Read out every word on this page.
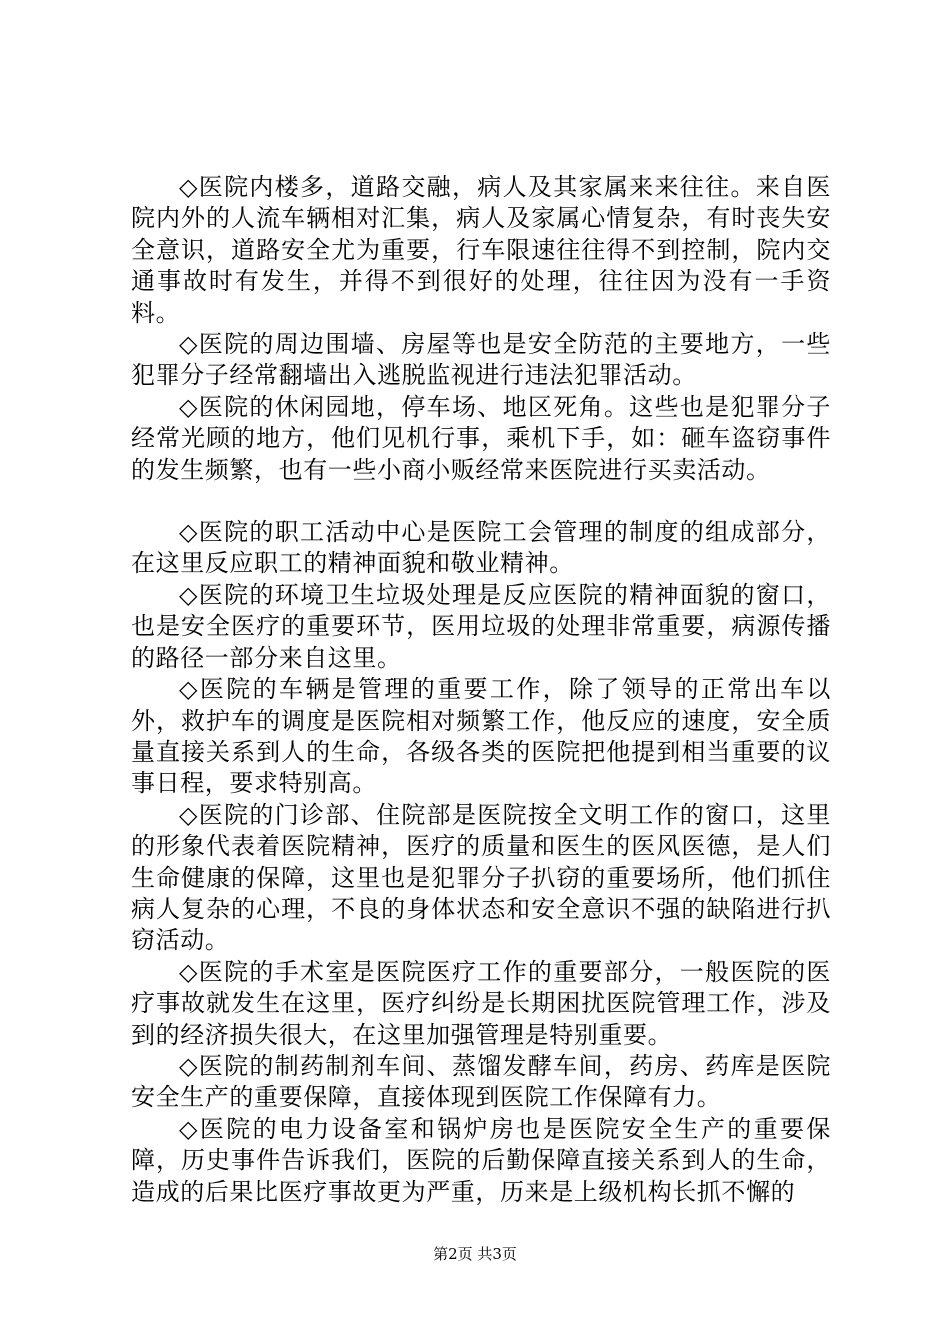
◇医院内楼多，道路交融，病人及其家属来来往往。来自医院内外的人流车辆相对汇集，病人及家属心情复杂，有时丧失安全意识，道路安全尤为重要，行车限速往往得不到控制，院内交通事故时有发生，并得不到很好的处理，往往因为没有一手资料。

◇医院的周边围墙、房屋等也是安全防范的主要地方，一些犯罪分子经常翻墙出入逃脱监视进行违法犯罪活动。

◇医院的休闲园地，停车场、地区死角。这些也是犯罪分子经常光顾的地方，他们见机行事，乘机下手，如：砸车盗窃事件的发生频繁，也有一些小商小贩经常来医院进行买卖活动。

◇医院的职工活动中心是医院工会管理的制度的组成部分，在这里反应职工的精神面貌和敬业精神。

◇医院的环境卫生垃圾处理是反应医院的精神面貌的窗口，也是安全医疗的重要环节，医用垃圾的处理非常重要，病源传播的路径一部分来自这里。

◇医院的车辆是管理的重要工作，除了领导的正常出车以外，救护车的调度是医院相对频繁工作，他反应的速度，安全质量直接关系到人的生命，各级各类的医院把他提到相当重要的议事日程，要求特别高。

◇医院的门诊部、住院部是医院按全文明工作的窗口，这里的形象代表着医院精神，医疗的质量和医生的医风医德，是人们生命健康的保障，这里也是犯罪分子扒窃的重要场所，他们抓住病人复杂的心理，不良的身体状态和安全意识不强的缺陷进行扒窃活动。

◇医院的手术室是医院医疗工作的重要部分，一般医院的医疗事故就发生在这里，医疗纠纷是长期困扰医院管理工作，涉及到的经济损失很大，在这里加强管理是特别重要。

◇医院的制药制剂车间、蒸馏发酵车间，药房、药库是医院安全生产的重要保障，直接体现到医院工作保障有力。

◇医院的电力设备室和锅炉房也是医院安全生产的重要保障，历史事件告诉我们，医院的后勤保障直接关系到人的生命，造成的后果比医疗事故更为严重，历来是上级机构长抓不懈的

第2页 共3页
